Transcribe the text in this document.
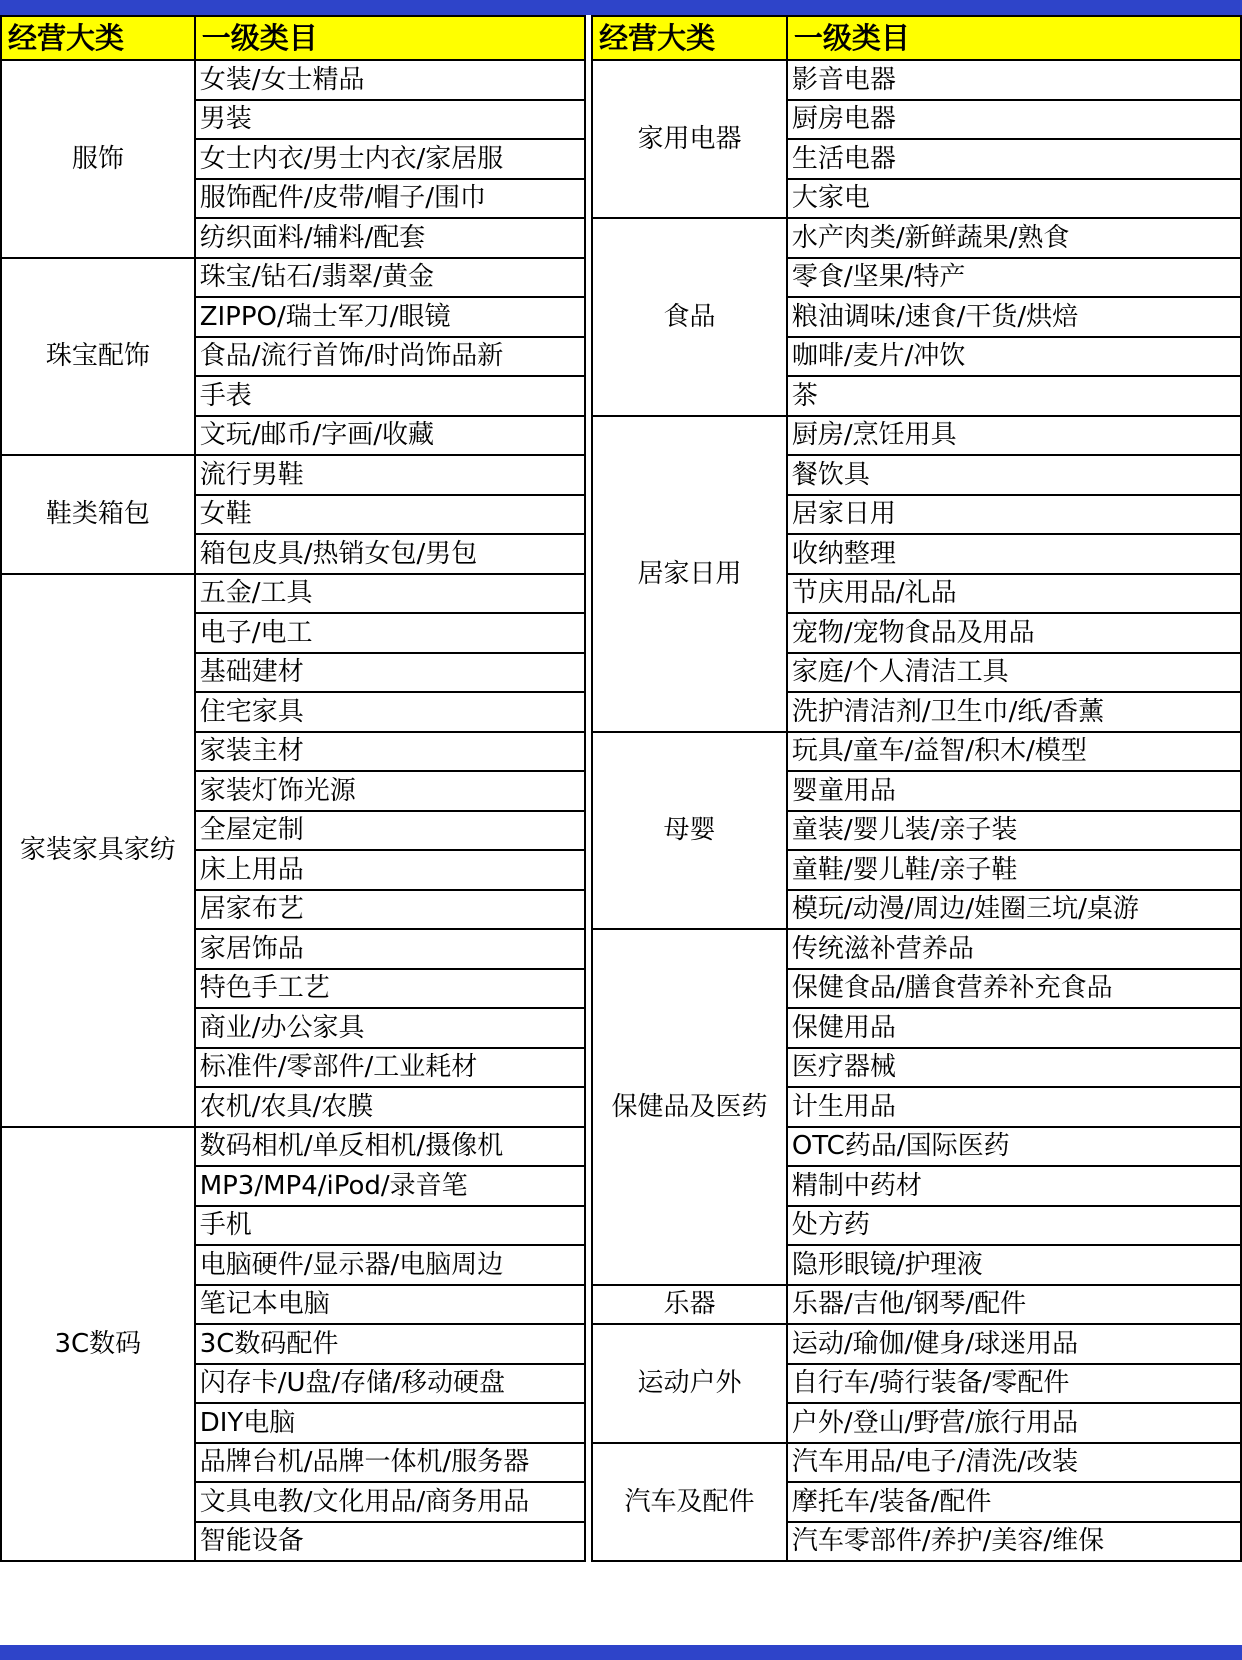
经营大类	一级类目		经营大类	一级类目
服饰	女装/女士精品		家用电器	影音电器
	男装			厨房电器
	女士内衣/男士内衣/家居服			生活电器
	服饰配件/皮带/帽子/围巾			大家电
	纺织面料/辅料/配套		食品	水产肉类/新鲜蔬果/熟食
珠宝配饰	珠宝/钻石/翡翠/黄金			零食/坚果/特产
	ZIPPO/瑞士军刀/眼镜			粮油调味/速食/干货/烘焙
	食品/流行首饰/时尚饰品新			咖啡/麦片/冲饮
	手表			茶
	文玩/邮币/字画/收藏		居家日用	厨房/烹饪用具
鞋类箱包	流行男鞋			餐饮具
	女鞋			居家日用
	箱包皮具/热销女包/男包			收纳整理
家装家具家纺	五金/工具			节庆用品/礼品
	电子/电工			宠物/宠物食品及用品
	基础建材			家庭/个人清洁工具
	住宅家具			洗护清洁剂/卫生巾/纸/香薰
	家装主材		母婴	玩具/童车/益智/积木/模型
	家装灯饰光源			婴童用品
	全屋定制			童装/婴儿装/亲子装
	床上用品			童鞋/婴儿鞋/亲子鞋
	居家布艺			模玩/动漫/周边/娃圈三坑/桌游
	家居饰品		保健品及医药	传统滋补营养品
	特色手工艺			保健食品/膳食营养补充食品
	商业/办公家具			保健用品
	标准件/零部件/工业耗材			医疗器械
	农机/农具/农膜			计生用品
3C数码	数码相机/单反相机/摄像机			OTC药品/国际医药
	MP3/MP4/iPod/录音笔			精制中药材
	手机			处方药
	电脑硬件/显示器/电脑周边			隐形眼镜/护理液
	笔记本电脑		乐器	乐器/吉他/钢琴/配件
	3C数码配件		运动户外	运动/瑜伽/健身/球迷用品
	闪存卡/U盘/存储/移动硬盘			自行车/骑行装备/零配件
	DIY电脑			户外/登山/野营/旅行用品
	品牌台机/品牌一体机/服务器		汽车及配件	汽车用品/电子/清洗/改装
	文具电教/文化用品/商务用品			摩托车/装备/配件
	智能设备			汽车零部件/养护/美容/维保
